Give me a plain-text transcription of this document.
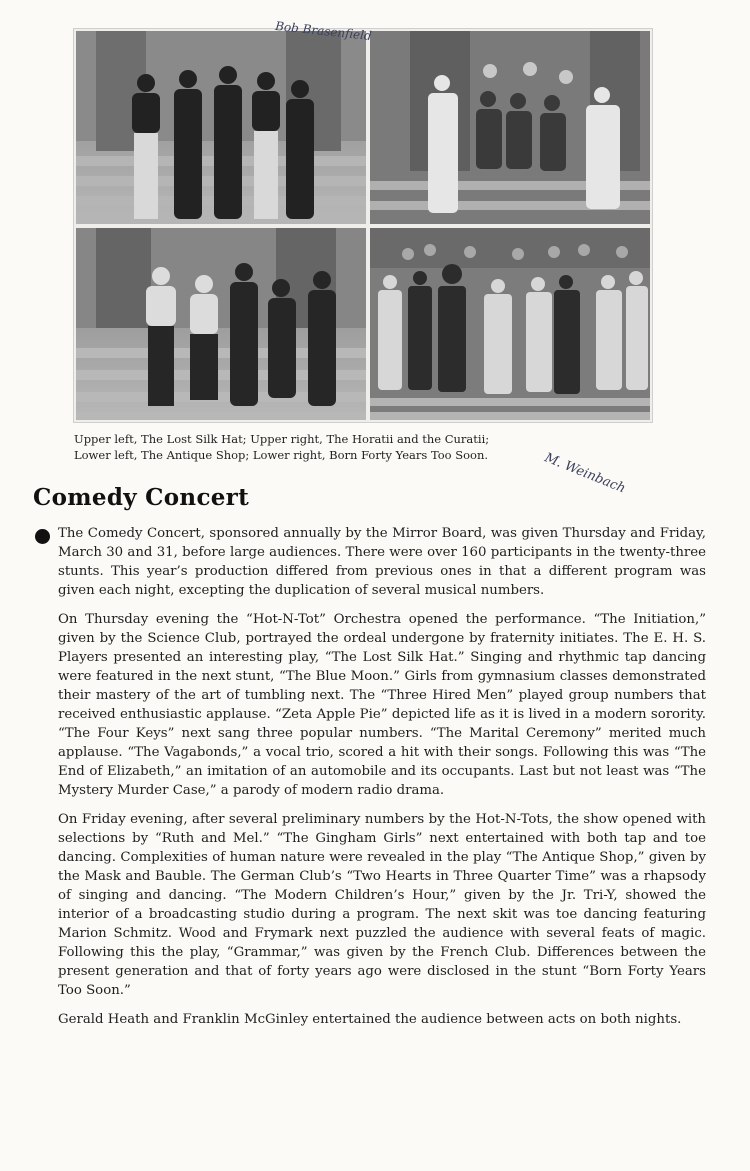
Bob Brasenfield
Upper left, The Lost Silk Hat; Upper right, The Horatii and the Curatii;
Lower left, The Antique Shop; Lower right, Born Forty Years Too Soon.	M. Weinbach
Comedy Concert

The Comedy Concert, sponsored annually by the Mirror Board, was given Thursday and Friday, March 30 and 31, before large audiences. There were over 160 participants in the twenty-three stunts. This year’s production differed from previous ones in that a different program was given each night, excepting the duplication of several musical numbers.

On Thursday evening the “Hot-N-Tot” Orchestra opened the performance. “The Initiation,” given by the Science Club, portrayed the ordeal undergone by fraternity initiates. The E. H. S. Players presented an interesting play, “The Lost Silk Hat.” Singing and rhythmic tap dancing were featured in the next stunt, “The Blue Moon.” Girls from gymnasium classes demonstrated their mastery of the art of tumbling next. The “Three Hired Men” played group numbers that received enthusiastic applause. “Zeta Apple Pie” depicted life as it is lived in a modern sorority. “The Four Keys” next sang three popular numbers. “The Marital Ceremony” merited much applause. “The Vagabonds,” a vocal trio, scored a hit with their songs. Following this was “The End of Elizabeth,” an imitation of an automobile and its occupants. Last but not least was “The Mystery Murder Case,” a parody of modern radio drama.

On Friday evening, after several preliminary numbers by the Hot-N-Tots, the show opened with selections by “Ruth and Mel.” “The Gingham Girls” next entertained with both tap and toe dancing. Complexities of human nature were revealed in the play “The Antique Shop,” given by the Mask and Bauble. The German Club’s “Two Hearts in Three Quarter Time” was a rhapsody of singing and dancing. “The Modern Children’s Hour,” given by the Jr. Tri-Y, showed the interior of a broadcasting studio during a program. The next skit was toe dancing featuring Marion Schmitz. Wood and Frymark next puzzled the audience with several feats of magic. Following this the play, “Grammar,” was given by the French Club. Differences between the present generation and that of forty years ago were disclosed in the stunt “Born Forty Years Too Soon.”

Gerald Heath and Franklin McGinley entertained the audience between acts on both nights.
